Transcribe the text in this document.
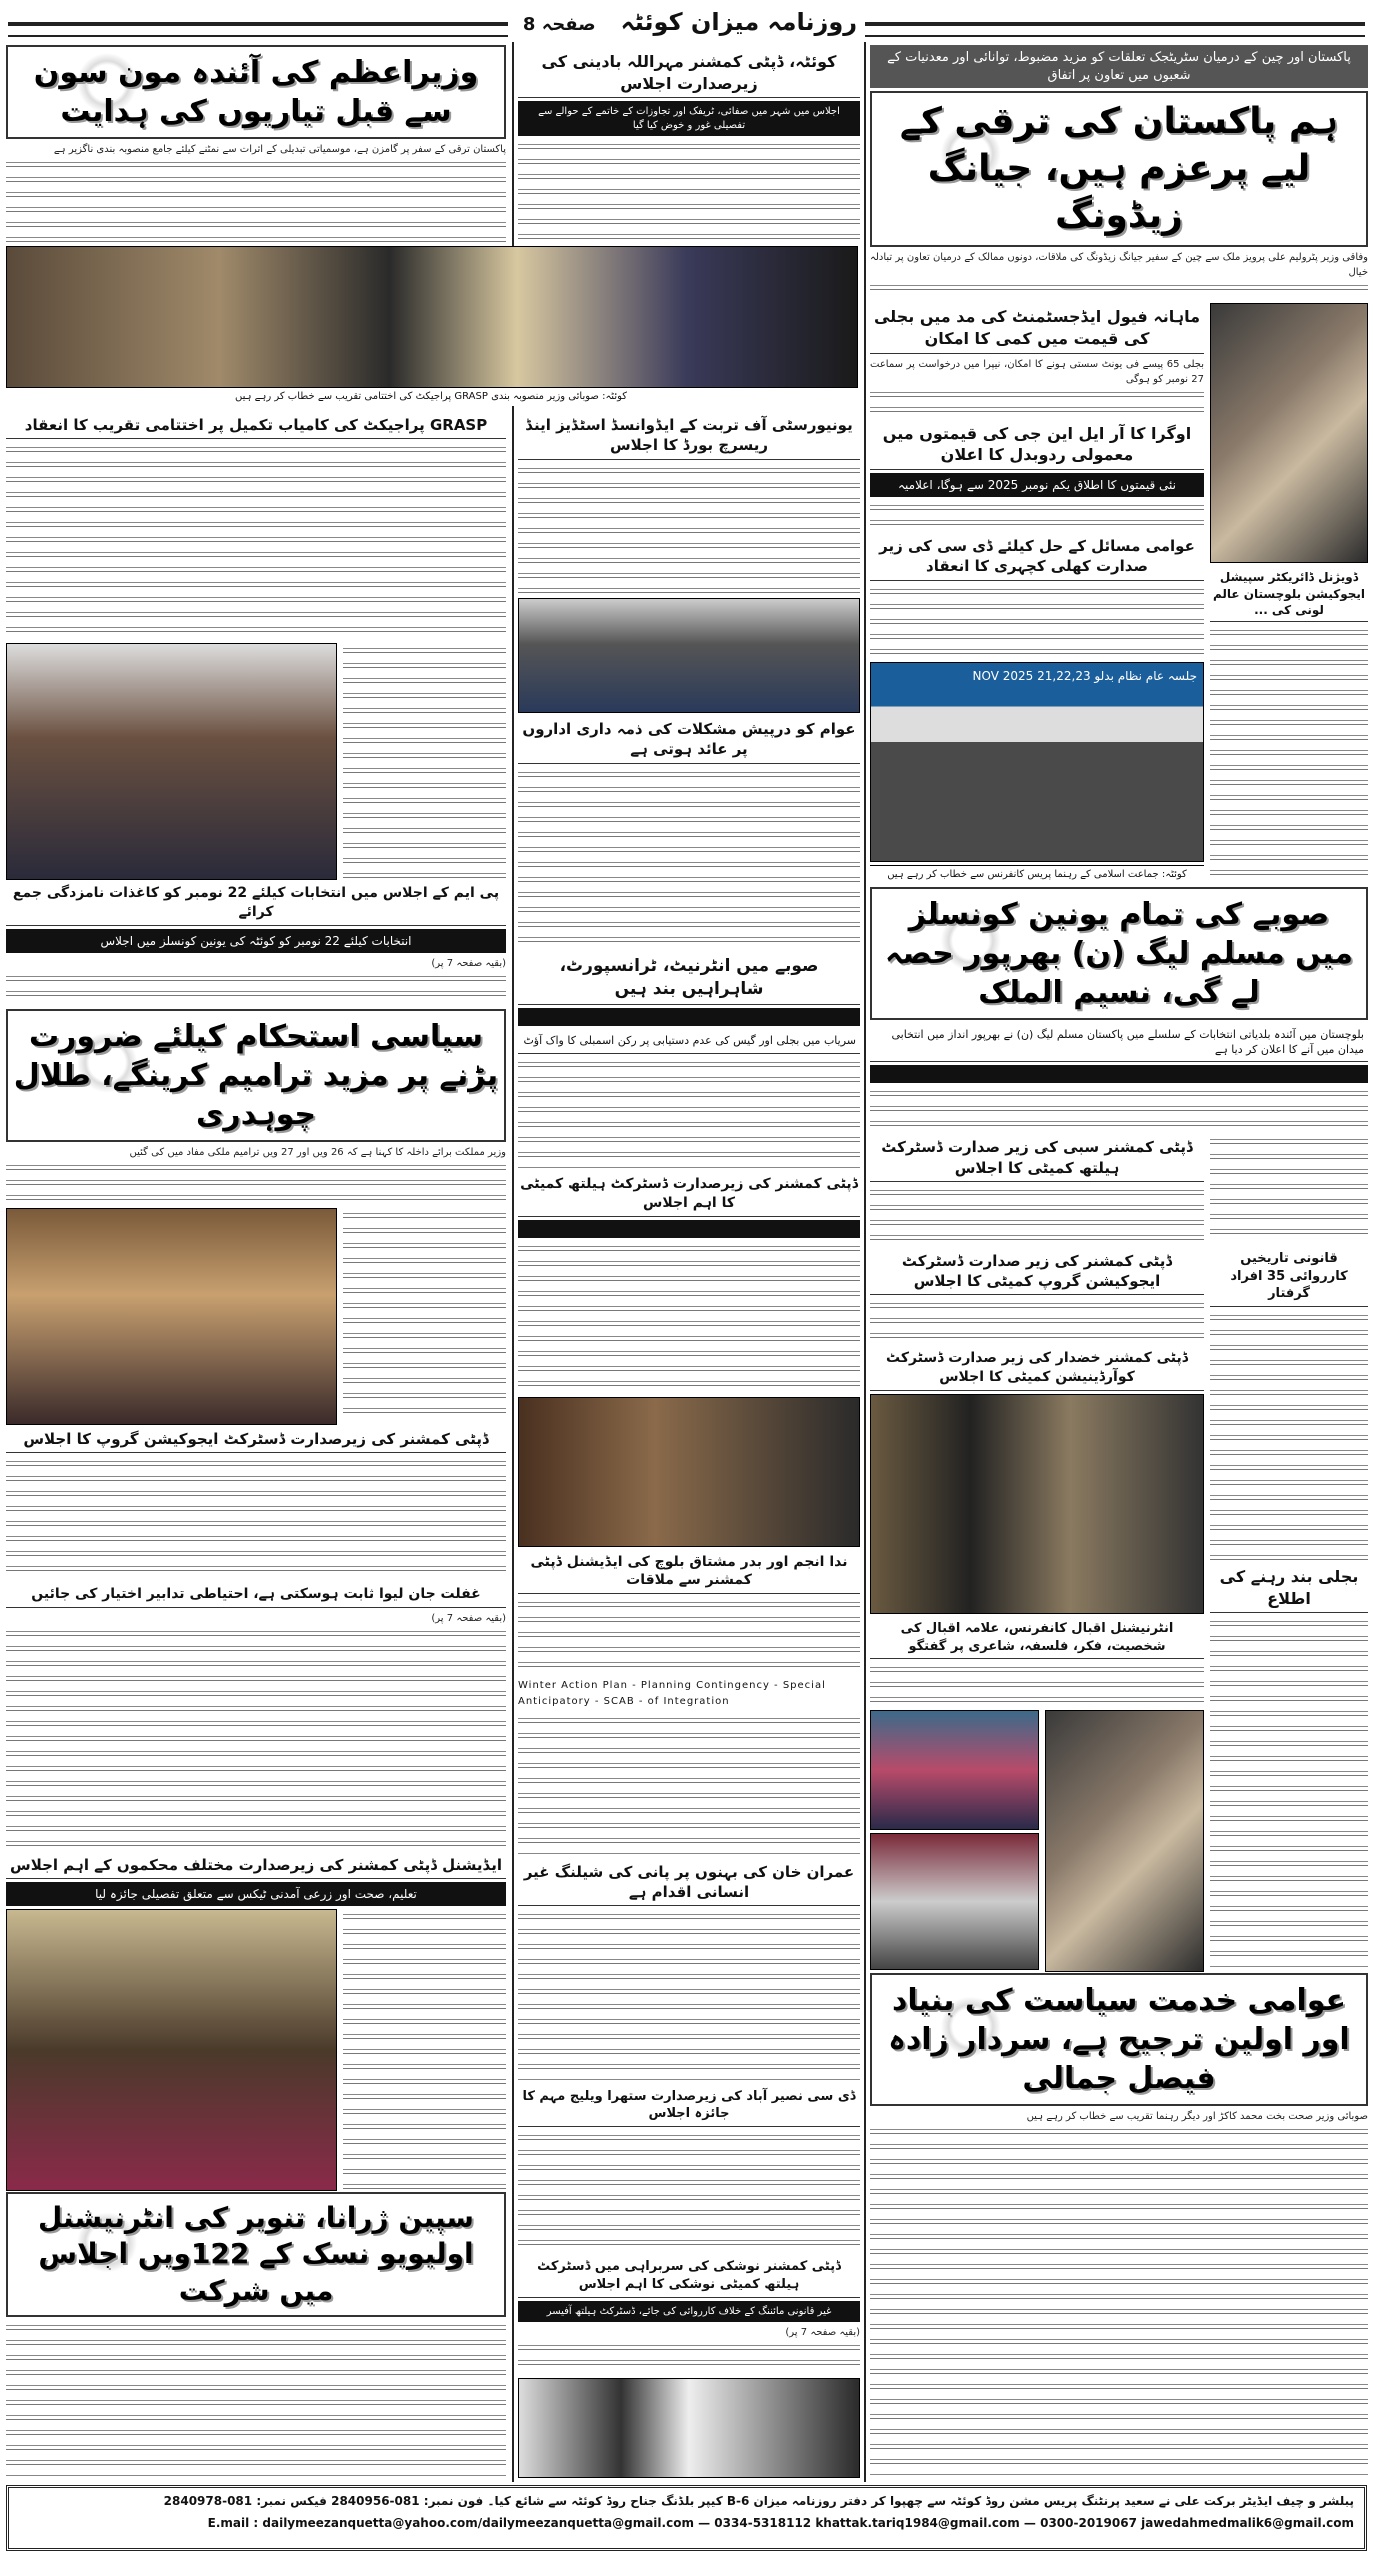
روزنامہ میزان کوئٹہ   صفحہ 8
پاکستان اور چین کے درمیان سٹریٹجک تعلقات کو مزید مضبوط، توانائی اور معدنیات کے شعبوں میں تعاون پر اتفاق
ہم پاکستان کی ترقی کے لیے پرعزم ہیں، جیانگ زیڈونگ
وفاقی وزیر پٹرولیم علی پرویز ملک سے چین کے سفیر جیانگ زیڈونگ کی ملاقات، دونوں ممالک کے درمیان تعاون پر تبادلہ خیال
ڈویژنل ڈائریکٹر سپیشل ایجوکیشن بلوچستان عالم لونی کی ...
ماہانہ فیول ایڈجسٹمنٹ کی مد میں بجلی کی قیمت میں کمی کا امکان
بجلی 65 پیسے فی یونٹ سستی ہونے کا امکان، نیپرا میں درخواست پر سماعت 27 نومبر کو ہوگی
اوگرا کا آر ایل این جی کی قیمتوں میں معمولی ردوبدل کا اعلان
نئی قیمتوں کا اطلاق یکم نومبر 2025 سے ہوگا، اعلامیہ
عوامی مسائل کے حل کیلئے ڈی سی کی زیر صدارت کھلی کچہری کا انعقاد
جلسہ عام نظام بدلو 21,22,23 NOV 2025
کوئٹہ: جماعت اسلامی کے رہنما پریس کانفرنس سے خطاب کر رہے ہیں
صوبے کی تمام یونین کونسلز میں مسلم لیگ (ن) بھرپور حصہ لے گی، نسیم الملک
بلوچستان میں آئندہ بلدیاتی انتخابات کے سلسلے میں پاکستان مسلم لیگ (ن) نے بھرپور انداز میں انتخابی میدان میں آنے کا اعلان کر دیا ہے
قانونی تاریخیں کارروائی 35 افراد گرفتار
بجلی بند رہنے کی اطلاع
ڈپٹی کمشنر سبی کی زیر صدارت ڈسٹرکٹ ہیلتھ کمیٹی کا اجلاس
ڈپٹی کمشنر کی زیر صدارت ڈسٹرکٹ ایجوکیشن گروپ کمیٹی کا اجلاس
ڈپٹی کمشنر خضدار کی زیر صدارت ڈسٹرکٹ کوآرڈینیشن کمیٹی کا اجلاس
انٹرنیشنل اقبال کانفرنس، علامہ اقبال کی شخصیت، فکر، فلسفہ، شاعری پر گفتگو
عوامی خدمت سیاست کی بنیاد اور اولین ترجیح ہے، سردار زادہ فیصل جمالی
صوبائی وزیر صحت بخت محمد کاکڑ اور دیگر رہنما تقریب سے خطاب کر رہے ہیں
وزیراعظم کی آئندہ مون سون سے قبل تیاریوں کی ہدایت
پاکستان ترقی کے سفر پر گامزن ہے، موسمیاتی تبدیلی کے اثرات سے نمٹنے کیلئے جامع منصوبہ بندی ناگزیر ہے
کوئٹہ، ڈپٹی کمشنر مہراللہ بادینی کی زیرصدارت اجلاس
اجلاس میں شہر میں صفائی، ٹریفک اور تجاوزات کے خاتمے کے حوالے سے تفصیلی غور و خوض کیا گیا
کوئٹہ: صوبائی وزیر منصوبہ بندی GRASP پراجیکٹ کی اختتامی تقریب سے خطاب کر رہے ہیں
یونیورسٹی آف تربت کے ایڈوانسڈ اسٹڈیز اینڈ ریسرچ بورڈ کا اجلاس
عوام کو درپیش مشکلات کی ذمہ داری اداروں پر عائد ہوتی ہے
صوبے میں انٹرنیٹ، ٹرانسپورٹ، شاہراہیں بند ہیں
سریاب میں بجلی اور گیس کی عدم دستیابی پر رکن اسمبلی کا واک آؤٹ
ڈپٹی کمشنر کی زیرصدارت ڈسٹرکٹ ہیلتھ کمیٹی کا اہم اجلاس
ندا انجم اور بدر مشتاق بلوچ کی ایڈیشنل ڈپٹی کمشنر سے ملاقات
Winter Action Plan - Planning Contingency - Special Anticipatory - SCAB - of Integration
عمران خان کی بہنوں پر پانی کی شیلنگ غیر انسانی اقدام ہے
ڈی سی نصیر آباد کی زیرصدارت ستھرا ویلیج مہم کا جائزہ اجلاس
ڈپٹی کمشنر نوشکی کی سربراہی میں ڈسٹرکٹ ہیلتھ کمیٹی نوشکی کا اہم اجلاس
غیر قانونی مائننگ کے خلاف کارروائی کی جائے، ڈسٹرکٹ ہیلتھ آفیسر
(بقیہ صفحہ 7 پر)
GRASP پراجیکٹ کی کامیاب تکمیل پر اختتامی تقریب کا انعقاد
پی ایم کے اجلاس میں انتخابات کیلئے 22 نومبر کو کاغذات نامزدگی جمع کرائے
انتخابات کیلئے 22 نومبر کو کوئٹہ کی یونین کونسلز میں اجلاس
(بقیہ صفحہ 7 پر)
سیاسی استحکام کیلئے ضرورت پڑنے پر مزید ترامیم کرینگے، طلال چوہدری
وزیر مملکت برائے داخلہ کا کہنا ہے کہ 26 ویں اور 27 ویں ترامیم ملکی مفاد میں کی گئیں
ڈپٹی کمشنر کی زیرصدارت ڈسٹرکٹ ایجوکیشن گروپ کا اجلاس
غفلت جان لیوا ثابت ہوسکتی ہے، احتیاطی تدابیر اختیار کی جائیں
(بقیہ صفحہ 7 پر)
ایڈیشنل ڈپٹی کمشنر کی زیرصدارت مختلف محکموں کے اہم اجلاس
تعلیم، صحت اور زرعی آمدنی ٹیکس سے متعلق تفصیلی جائزہ لیا
سپین ژرانا، تنویر کی انٹرنیشنل اولیویو نسک کے 122ویں اجلاس میں شرکت
پبلشر و چیف ایڈیٹر برکت علی نے سعید پرنٹنگ پریس مشن روڈ کوئٹہ سے چھپوا کر دفتر روزنامہ میزان B-6 کیپر بلڈنگ جناح روڈ کوئٹہ سے شائع کیا۔ فون نمبر: 081-2840956 فیکس نمبر: 081-2840978
E.mail : dailymeezanquetta@yahoo.com/dailymeezanquetta@gmail.com — 0334-5318112 khattak.tariq1984@gmail.com — 0300-2019067 jawedahmedmalik6@gmail.com
